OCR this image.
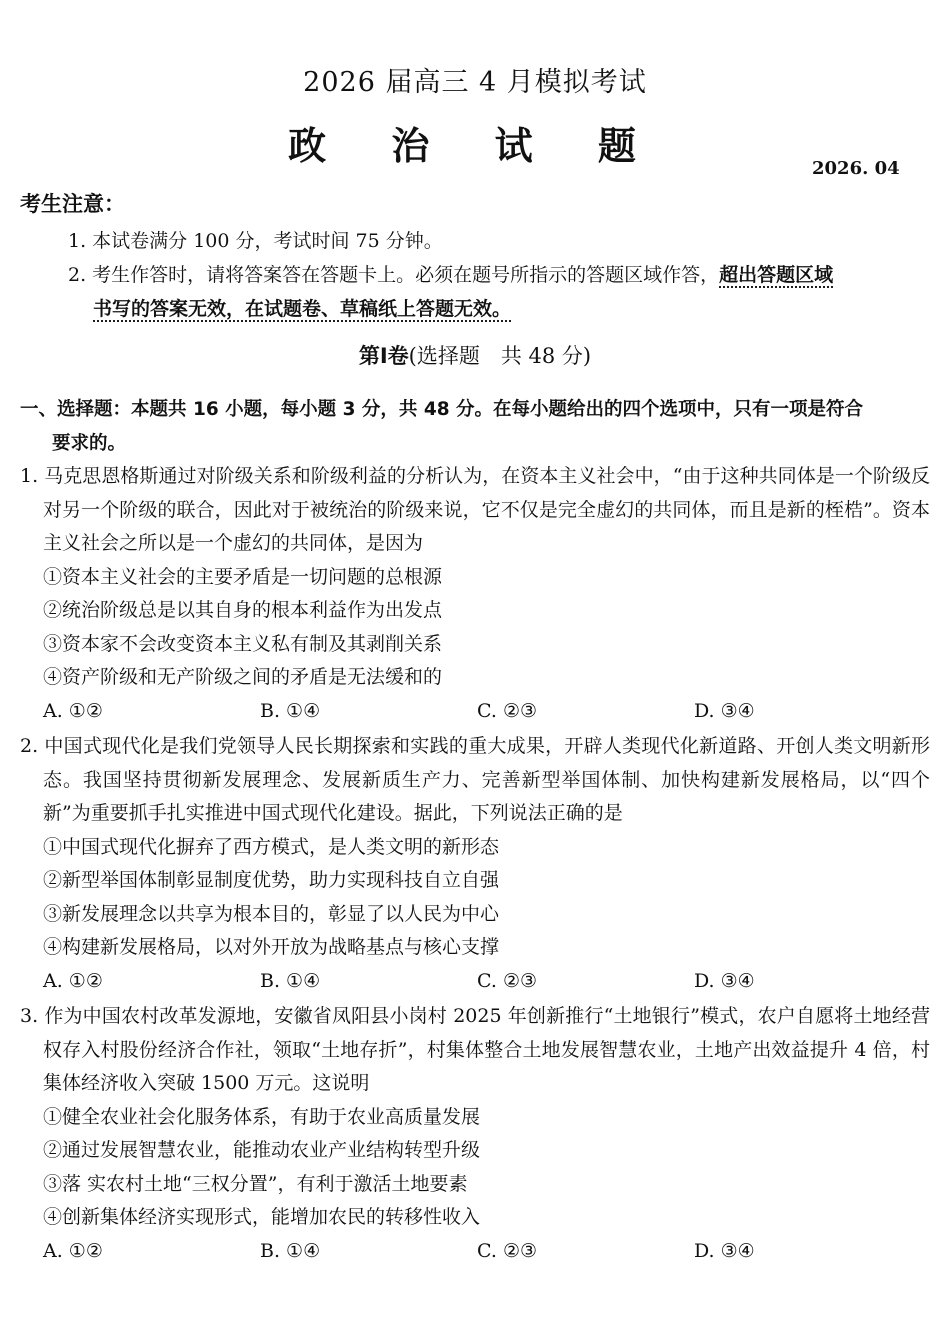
2026 届高三 4 月模拟考试
政 治 试 题
2026. 04
考生注意：
1. 本试卷满分 100 分，考试时间 75 分钟。
2. 考生作答时，请将答案答在答题卡上。必须在题号所指示的答题区域作答，超出答题区域
书写的答案无效，在试题卷、草稿纸上答题无效。
第Ⅰ卷(选择题　共 48 分)
一、选择题：本题共 16 小题，每小题 3 分，共 48 分。在每小题给出的四个选项中，只有一项是符合
要求的。
1. 马克思恩格斯通过对阶级关系和阶级利益的分析认为，在资本主义社会中，“由于这种共同体是一个阶级反对另一个阶级的联合，因此对于被统治的阶级来说，它不仅是完全虚幻的共同体，而且是新的桎梏”。资本主义社会之所以是一个虚幻的共同体，是因为
①资本主义社会的主要矛盾是一切问题的总根源
②统治阶级总是以其自身的根本利益作为出发点
③资本家不会改变资本主义私有制及其剥削关系
④资产阶级和无产阶级之间的矛盾是无法缓和的
A. ①②	B. ①④	C. ②③	D. ③④
2. 中国式现代化是我们党领导人民长期探索和实践的重大成果，开辟人类现代化新道路、开创人类文明新形态。我国坚持贯彻新发展理念、发展新质生产力、完善新型举国体制、加快构建新发展格局，以“四个新”为重要抓手扎实推进中国式现代化建设。据此，下列说法正确的是
①中国式现代化摒弃了西方模式，是人类文明的新形态
②新型举国体制彰显制度优势，助力实现科技自立自强
③新发展理念以共享为根本目的，彰显了以人民为中心
④构建新发展格局，以对外开放为战略基点与核心支撑
A. ①②	B. ①④	C. ②③	D. ③④
3. 作为中国农村改革发源地，安徽省凤阳县小岗村 2025 年创新推行“土地银行”模式，农户自愿将土地经营权存入村股份经济合作社，领取“土地存折”，村集体整合土地发展智慧农业，土地产出效益提升 4 倍，村集体经济收入突破 1500 万元。这说明
①健全农业社会化服务体系，有助于农业高质量发展
②通过发展智慧农业，能推动农业产业结构转型升级
③落 实农村土地“三权分置”，有利于激活土地要素
④创新集体经济实现形式，能增加农民的转移性收入
A. ①②	B. ①④	C. ②③	D. ③④
